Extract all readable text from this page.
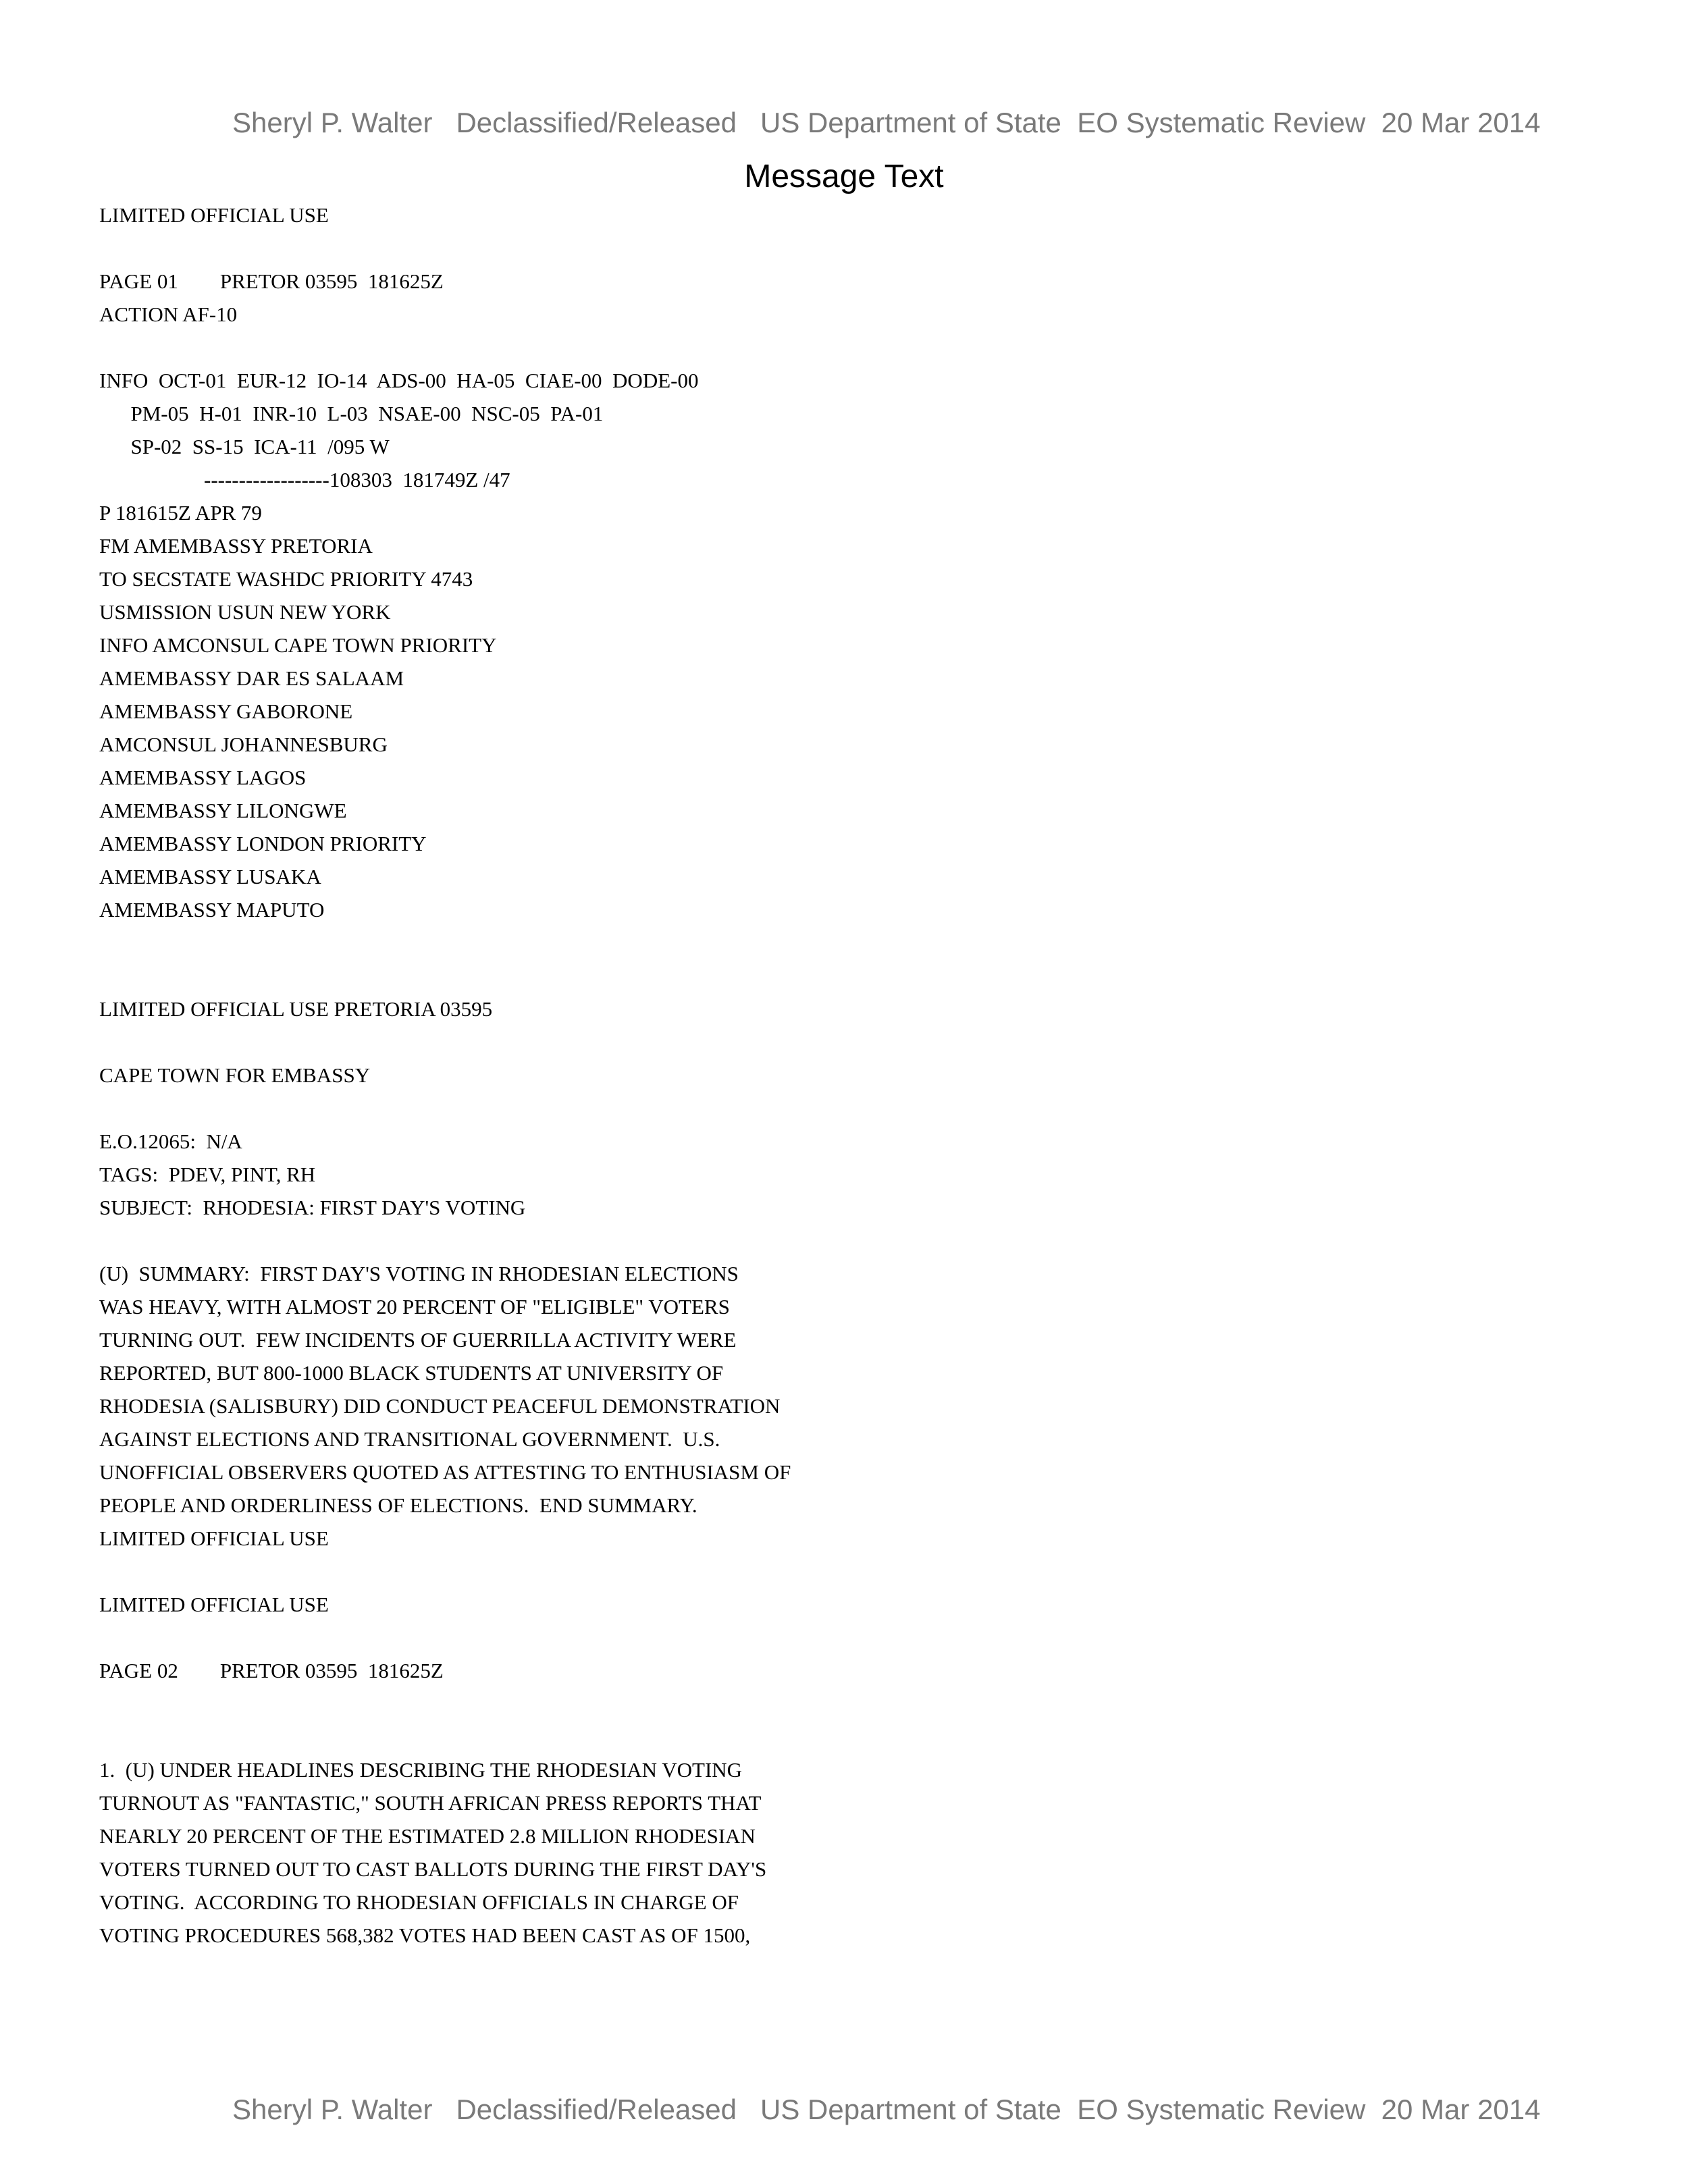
Sheryl P. Walter   Declassified/Released   US Department of State  EO Systematic Review  20 Mar 2014

Message Text
LIMITED OFFICIAL USE
PAGE 01        PRETOR 03595  181625Z
ACTION AF-10
INFO  OCT-01  EUR-12  IO-14  ADS-00  HA-05  CIAE-00  DODE-00
PM-05  H-01  INR-10  L-03  NSAE-00  NSC-05  PA-01
SP-02  SS-15  ICA-11  /095 W
------------------108303  181749Z /47
P 181615Z APR 79
FM AMEMBASSY PRETORIA
TO SECSTATE WASHDC PRIORITY 4743
USMISSION USUN NEW YORK
INFO AMCONSUL CAPE TOWN PRIORITY
AMEMBASSY DAR ES SALAAM
AMEMBASSY GABORONE
AMCONSUL JOHANNESBURG
AMEMBASSY LAGOS
AMEMBASSY LILONGWE
AMEMBASSY LONDON PRIORITY
AMEMBASSY LUSAKA
AMEMBASSY MAPUTO
LIMITED OFFICIAL USE PRETORIA 03595
CAPE TOWN FOR EMBASSY
E.O.12065:  N/A
TAGS:  PDEV, PINT, RH
SUBJECT:  RHODESIA: FIRST DAY'S VOTING
(U)  SUMMARY:  FIRST DAY'S VOTING IN RHODESIAN ELECTIONS
WAS HEAVY, WITH ALMOST 20 PERCENT OF "ELIGIBLE" VOTERS
TURNING OUT.  FEW INCIDENTS OF GUERRILLA ACTIVITY WERE
REPORTED, BUT 800-1000 BLACK STUDENTS AT UNIVERSITY OF
RHODESIA (SALISBURY) DID CONDUCT PEACEFUL DEMONSTRATION
AGAINST ELECTIONS AND TRANSITIONAL GOVERNMENT.  U.S.
UNOFFICIAL OBSERVERS QUOTED AS ATTESTING TO ENTHUSIASM OF
PEOPLE AND ORDERLINESS OF ELECTIONS.  END SUMMARY.
LIMITED OFFICIAL USE
LIMITED OFFICIAL USE
PAGE 02        PRETOR 03595  181625Z
1.  (U) UNDER HEADLINES DESCRIBING THE RHODESIAN VOTING
TURNOUT AS "FANTASTIC," SOUTH AFRICAN PRESS REPORTS THAT
NEARLY 20 PERCENT OF THE ESTIMATED 2.8 MILLION RHODESIAN
VOTERS TURNED OUT TO CAST BALLOTS DURING THE FIRST DAY'S
VOTING.  ACCORDING TO RHODESIAN OFFICIALS IN CHARGE OF
VOTING PROCEDURES 568,382 VOTES HAD BEEN CAST AS OF 1500,

Sheryl P. Walter   Declassified/Released   US Department of State  EO Systematic Review  20 Mar 2014
